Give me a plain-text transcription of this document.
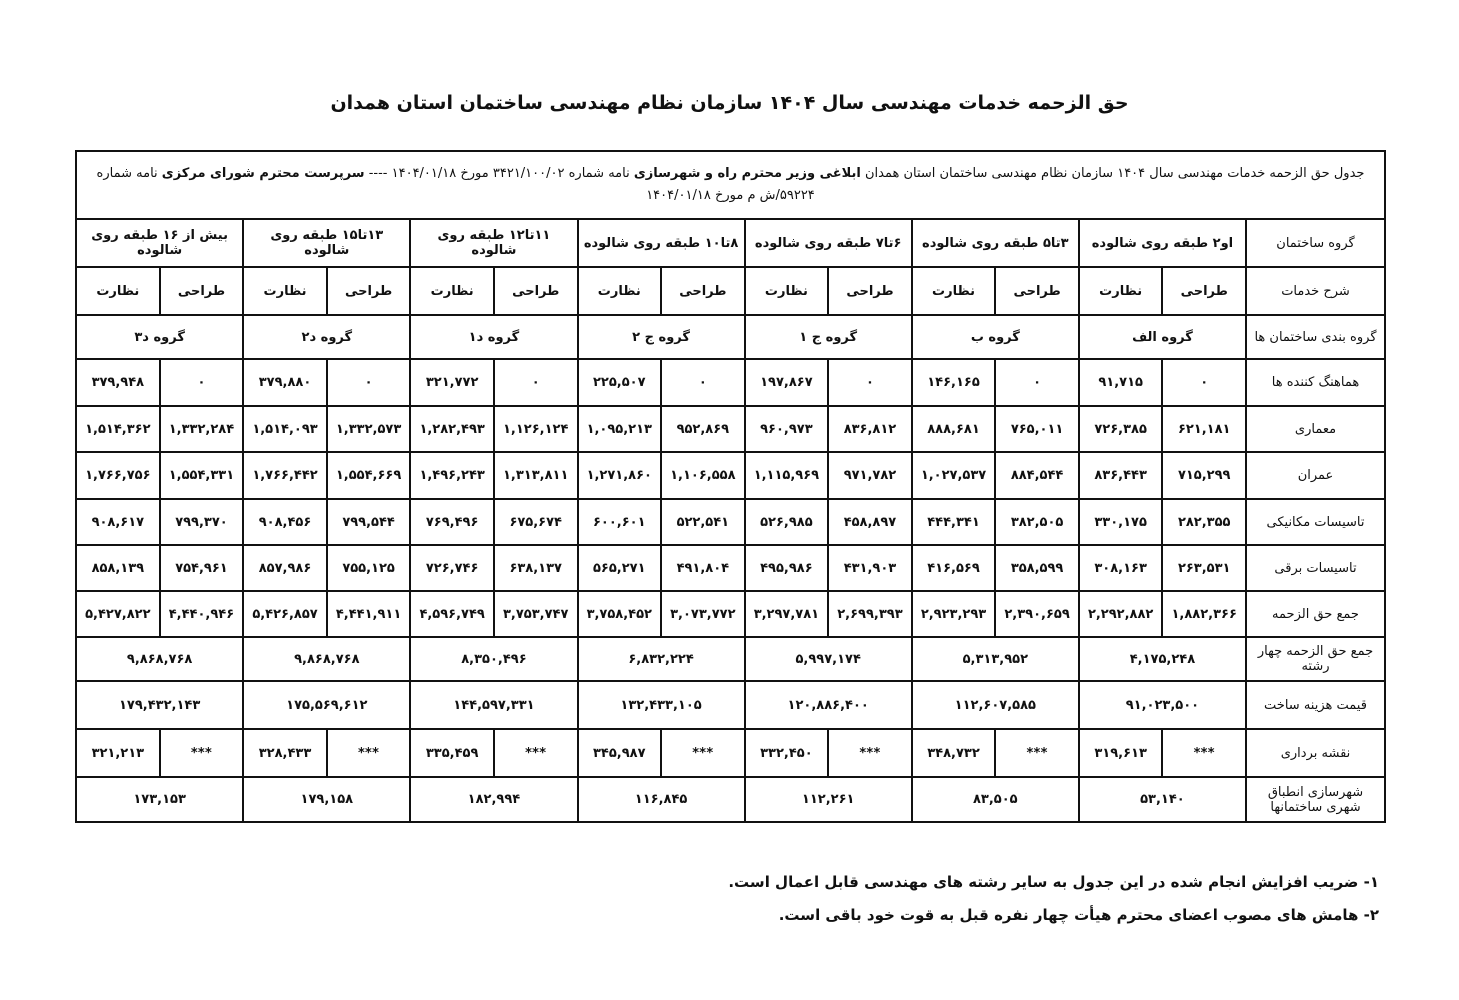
حق الزحمه خدمات مهندسی سال ۱۴۰۴ سازمان نظام مهندسی ساختمان استان همدان
جدول حق الزحمه خدمات مهندسی سال ۱۴۰۴ سازمان نظام مهندسی ساختمان استان همدان ابلاغی وزیر محترم راه و شهرسازی نامه شماره ۳۴۲۱/۱۰۰/۰۲ مورخ ۱۴۰۴/۰۱/۱۸ ---- سرپرست محترم شورای مرکزی نامه شماره ۵۹۲۲۴/ش م مورخ ۱۴۰۴/۰۱/۱۸														
گروه ساختمان	او۲ طبقه روی شالوده		۳تا۵ طبقه روی شالوده		۶تا۷ طبقه روی شالوده		۸تا۱۰ طبقه روی شالوده		۱۱تا۱۲ طبقه روی شالوده		۱۳تا۱۵ طبقه روی شالوده		بیش از ۱۶ طبقه روی شالوده	
شرح خدمات	طراحی	نظارت	طراحی	نظارت	طراحی	نظارت	طراحی	نظارت	طراحی	نظارت	طراحی	نظارت	طراحی	نظارت
گروه بندی ساختمان ها	گروه الف		گروه ب		گروه ج ۱		گروه ج ۲		گروه د۱		گروه د۲		گروه د۳	
هماهنگ کننده ها	۰	۹۱,۷۱۵	۰	۱۴۶,۱۶۵	۰	۱۹۷,۸۶۷	۰	۲۲۵,۵۰۷	۰	۳۲۱,۷۷۲	۰	۳۷۹,۸۸۰	۰	۳۷۹,۹۴۸
معماری	۶۲۱,۱۸۱	۷۲۶,۳۸۵	۷۶۵,۰۱۱	۸۸۸,۶۸۱	۸۳۶,۸۱۲	۹۶۰,۹۷۳	۹۵۲,۸۶۹	۱,۰۹۵,۲۱۳	۱,۱۲۶,۱۲۴	۱,۲۸۲,۴۹۳	۱,۳۳۲,۵۷۳	۱,۵۱۴,۰۹۳	۱,۳۳۲,۲۸۴	۱,۵۱۴,۳۶۲
عمران	۷۱۵,۲۹۹	۸۳۶,۴۴۳	۸۸۴,۵۴۴	۱,۰۲۷,۵۳۷	۹۷۱,۷۸۲	۱,۱۱۵,۹۶۹	۱,۱۰۶,۵۵۸	۱,۲۷۱,۸۶۰	۱,۳۱۳,۸۱۱	۱,۴۹۶,۲۴۳	۱,۵۵۴,۶۶۹	۱,۷۶۶,۴۴۲	۱,۵۵۴,۳۳۱	۱,۷۶۶,۷۵۶
تاسیسات مکانیکی	۲۸۲,۳۵۵	۳۳۰,۱۷۵	۳۸۲,۵۰۵	۴۴۴,۳۴۱	۴۵۸,۸۹۷	۵۲۶,۹۸۵	۵۲۲,۵۴۱	۶۰۰,۶۰۱	۶۷۵,۶۷۴	۷۶۹,۴۹۶	۷۹۹,۵۴۴	۹۰۸,۴۵۶	۷۹۹,۳۷۰	۹۰۸,۶۱۷
تاسیسات برقی	۲۶۳,۵۳۱	۳۰۸,۱۶۳	۳۵۸,۵۹۹	۴۱۶,۵۶۹	۴۳۱,۹۰۳	۴۹۵,۹۸۶	۴۹۱,۸۰۴	۵۶۵,۲۷۱	۶۳۸,۱۳۷	۷۲۶,۷۴۶	۷۵۵,۱۲۵	۸۵۷,۹۸۶	۷۵۴,۹۶۱	۸۵۸,۱۳۹
جمع حق الزحمه	۱,۸۸۲,۳۶۶	۲,۲۹۲,۸۸۲	۲,۳۹۰,۶۵۹	۲,۹۲۳,۲۹۳	۲,۶۹۹,۳۹۳	۳,۲۹۷,۷۸۱	۳,۰۷۳,۷۷۲	۳,۷۵۸,۴۵۲	۳,۷۵۳,۷۴۷	۴,۵۹۶,۷۴۹	۴,۴۴۱,۹۱۱	۵,۴۲۶,۸۵۷	۴,۴۴۰,۹۴۶	۵,۴۲۷,۸۲۲
جمع حق الزحمه چهار رشته	۴,۱۷۵,۲۴۸		۵,۳۱۳,۹۵۲		۵,۹۹۷,۱۷۴		۶,۸۳۲,۲۲۴		۸,۳۵۰,۴۹۶		۹,۸۶۸,۷۶۸		۹,۸۶۸,۷۶۸	
قیمت هزینه ساخت	۹۱,۰۲۳,۵۰۰		۱۱۲,۶۰۷,۵۸۵		۱۲۰,۸۸۶,۴۰۰		۱۳۲,۴۳۳,۱۰۵		۱۴۴,۵۹۷,۳۳۱		۱۷۵,۵۶۹,۶۱۲		۱۷۹,۴۳۲,۱۴۳	
نقشه برداری	***	۳۱۹,۶۱۳	***	۳۴۸,۷۳۲	***	۳۳۲,۴۵۰	***	۳۴۵,۹۸۷	***	۳۳۵,۴۵۹	***	۳۲۸,۴۳۳	***	۳۲۱,۲۱۳
شهرسازی انطباق شهری ساختمانها	۵۳,۱۴۰		۸۳,۵۰۵		۱۱۲,۲۶۱		۱۱۶,۸۴۵		۱۸۲,۹۹۴		۱۷۹,۱۵۸		۱۷۳,۱۵۳	
۱- ضریب افزایش انجام شده در این جدول به سایر رشته های مهندسی قابل اعمال است.
۲- هامش های مصوب اعضای محترم هیأت چهار نفره قبل به قوت خود باقی است.
